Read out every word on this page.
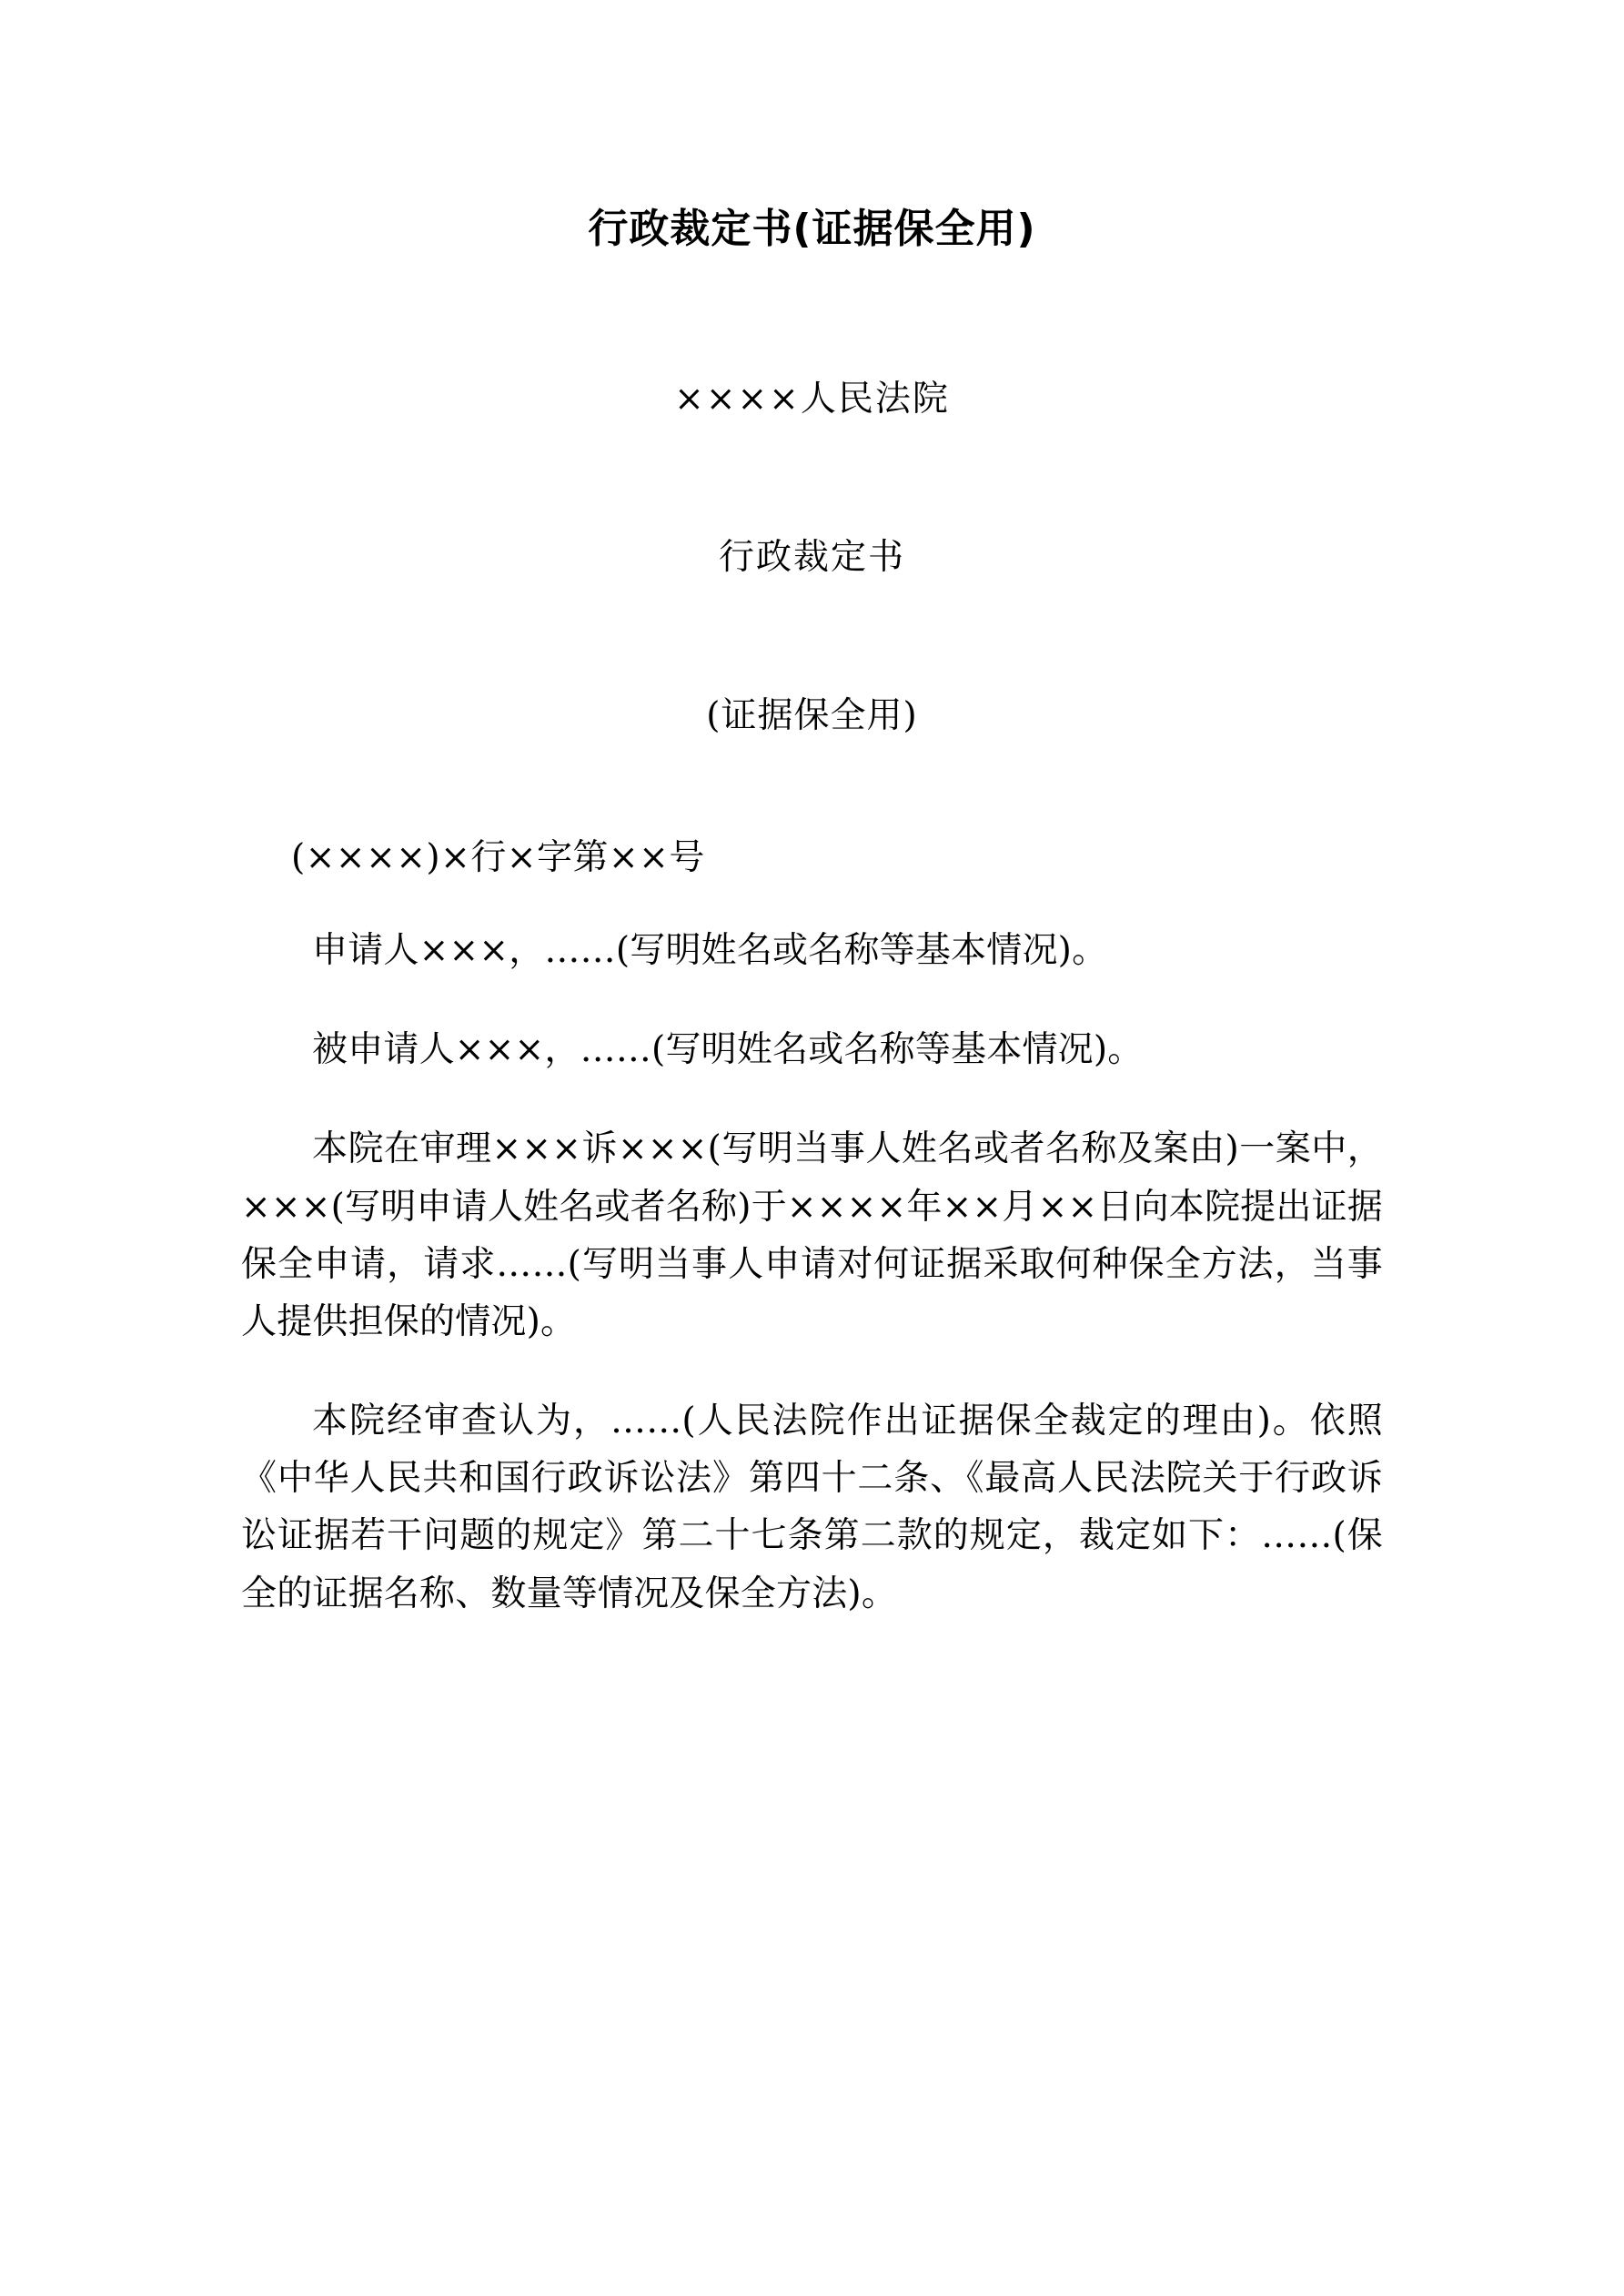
行政裁定书(证据保全用)

××××人民法院

行政裁定书

(证据保全用)

(××××)×行×字第××号

申请人×××，……(写明姓名或名称等基本情况)。

被申请人×××，……(写明姓名或名称等基本情况)。

本院在审理×××诉×××(写明当事人姓名或者名称及案由)一案中，×××(写明申请人姓名或者名称)于××××年××月××日向本院提出证据保全申请，请求……(写明当事人申请对何证据采取何种保全方法，当事人提供担保的情况)。

本院经审查认为，……(人民法院作出证据保全裁定的理由)。依照《中华人民共和国行政诉讼法》第四十二条、《最高人民法院关于行政诉讼证据若干问题的规定》第二十七条第二款的规定，裁定如下：……(保全的证据名称、数量等情况及保全方法)。
